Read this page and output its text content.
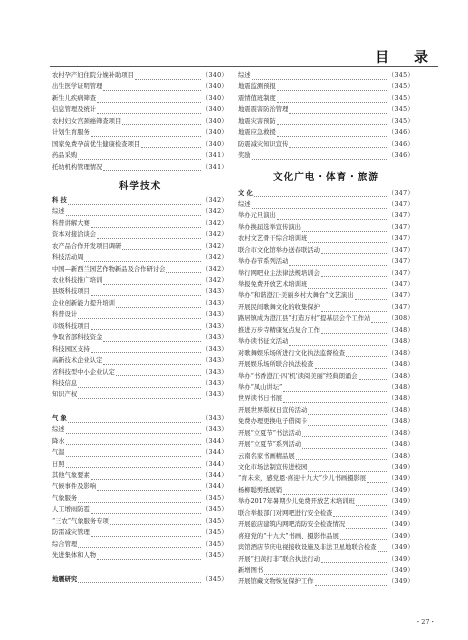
目 录
农村孕产妇住院分娩补助项目	（340）
出生医学证明管理	（340）
新生儿疾病筛查	（340）
信息管理及统计	（340）
农村妇女宫颈癌筛查项目	（340）
计划生育服务	（340）
国家免费孕前优生健康检查项目	（340）
药品采购	（341）
托幼机构管理情况	（341）
科学技术
科 技	（342）
综述	（342）
科普讲解大赛	（342）
资本对接洽谈会	（342）
农产品合作开发项目调研	（342）
科技活动周	（342）
中国—新西兰园艺作物新品及合作研讨会	（342）
农业科技推广培训	（342）
县级科技项目	（343）
企业创新能力提升培训	（343）
科普设计	（343）
市级科技项目	（343）
争取省部科技资金	（343）
科技园区支持	（343）
高新技术企业认定	（343）
省科技型中小企业认定	（343）
科技信息	（343）
知识产权	（343）
气 象	（343）
综述	（343）
降水	（344）
气温	（344）
日照	（344）
其他气象要素	（344）
气候事件及影响	（344）
气象服务	（345）
人工增雨防雹	（345）
“三农”气象服务专项	（345）
防雷减灾管理	（345）
综合管理	（345）
先进集体和人物	（345）
地震研究	（345）
综述	（345）
地震监测预报	（345）
震情值班制度	（345）
地震震害防治管理	（345）
地震灾害预防	（345）
地震应急救援	（346）
防震减灾知识宣传	（346）
奖励	（346）
文化广电・体育・旅游
文 化	（347）
综述	（347）
举办元旦演出	（347）
举办换届选举宣传演出	（347）
农村文艺骨干综合培训班	（347）
联合市文化馆举办送春联活动	（347）
举办春节系列活动	（347）
举行网吧业主法律法规培训会	（347）
举报免费开放艺术培训班	（347）
举办“和谐澄江·美丽乡村大舞台”文艺演出	（347）
开展民间歌舞文化的收集保护	（347）
路居镇成为澄江县“打造万村”提基层会个工作站	（308）
推进万步寺精康复点复合工作	（348）
举办读书征文活动	（348）
对歌舞娱乐场所进行文化执法监督检查	（348）
开展娱乐场所联合执法检查	（348）
举办“书香澄江·四‘机’读阅美丽”经典朗诵会	（348）
举办“凤山讲坛”	（348）
世界读书日书展	（348）
开展世界版权日宣传活动	（348）
免费办理更换电子借阅卡	（348）
开展“立夏节”书法活动	（348）
开展“立夏节”系列活动	（348）
云南名家书画精品展	（348）
文化市场法制宣传进校园	（349）
“育未来，感党恩·喜迎十九大”少儿书画摄影展	（349）
杨柳聪剪纸展销	（349）
举办2017年暑期少儿免费开放艺术培训班	（349）
联合举报部门对网吧进行安全检查	（349）
开展旅店建筑内网吧消防安全检查情况	（349）
喜迎党的“十九大”书画、摄影作品展	（349）
宾馆酒店节庆电视接收设施及非法卫星地联合检查 （349）
开展“扫黄打非”联合执法行动	（349）
新增图书	（349）
开展馆藏文物恢复保护工作	（349）
・27・
